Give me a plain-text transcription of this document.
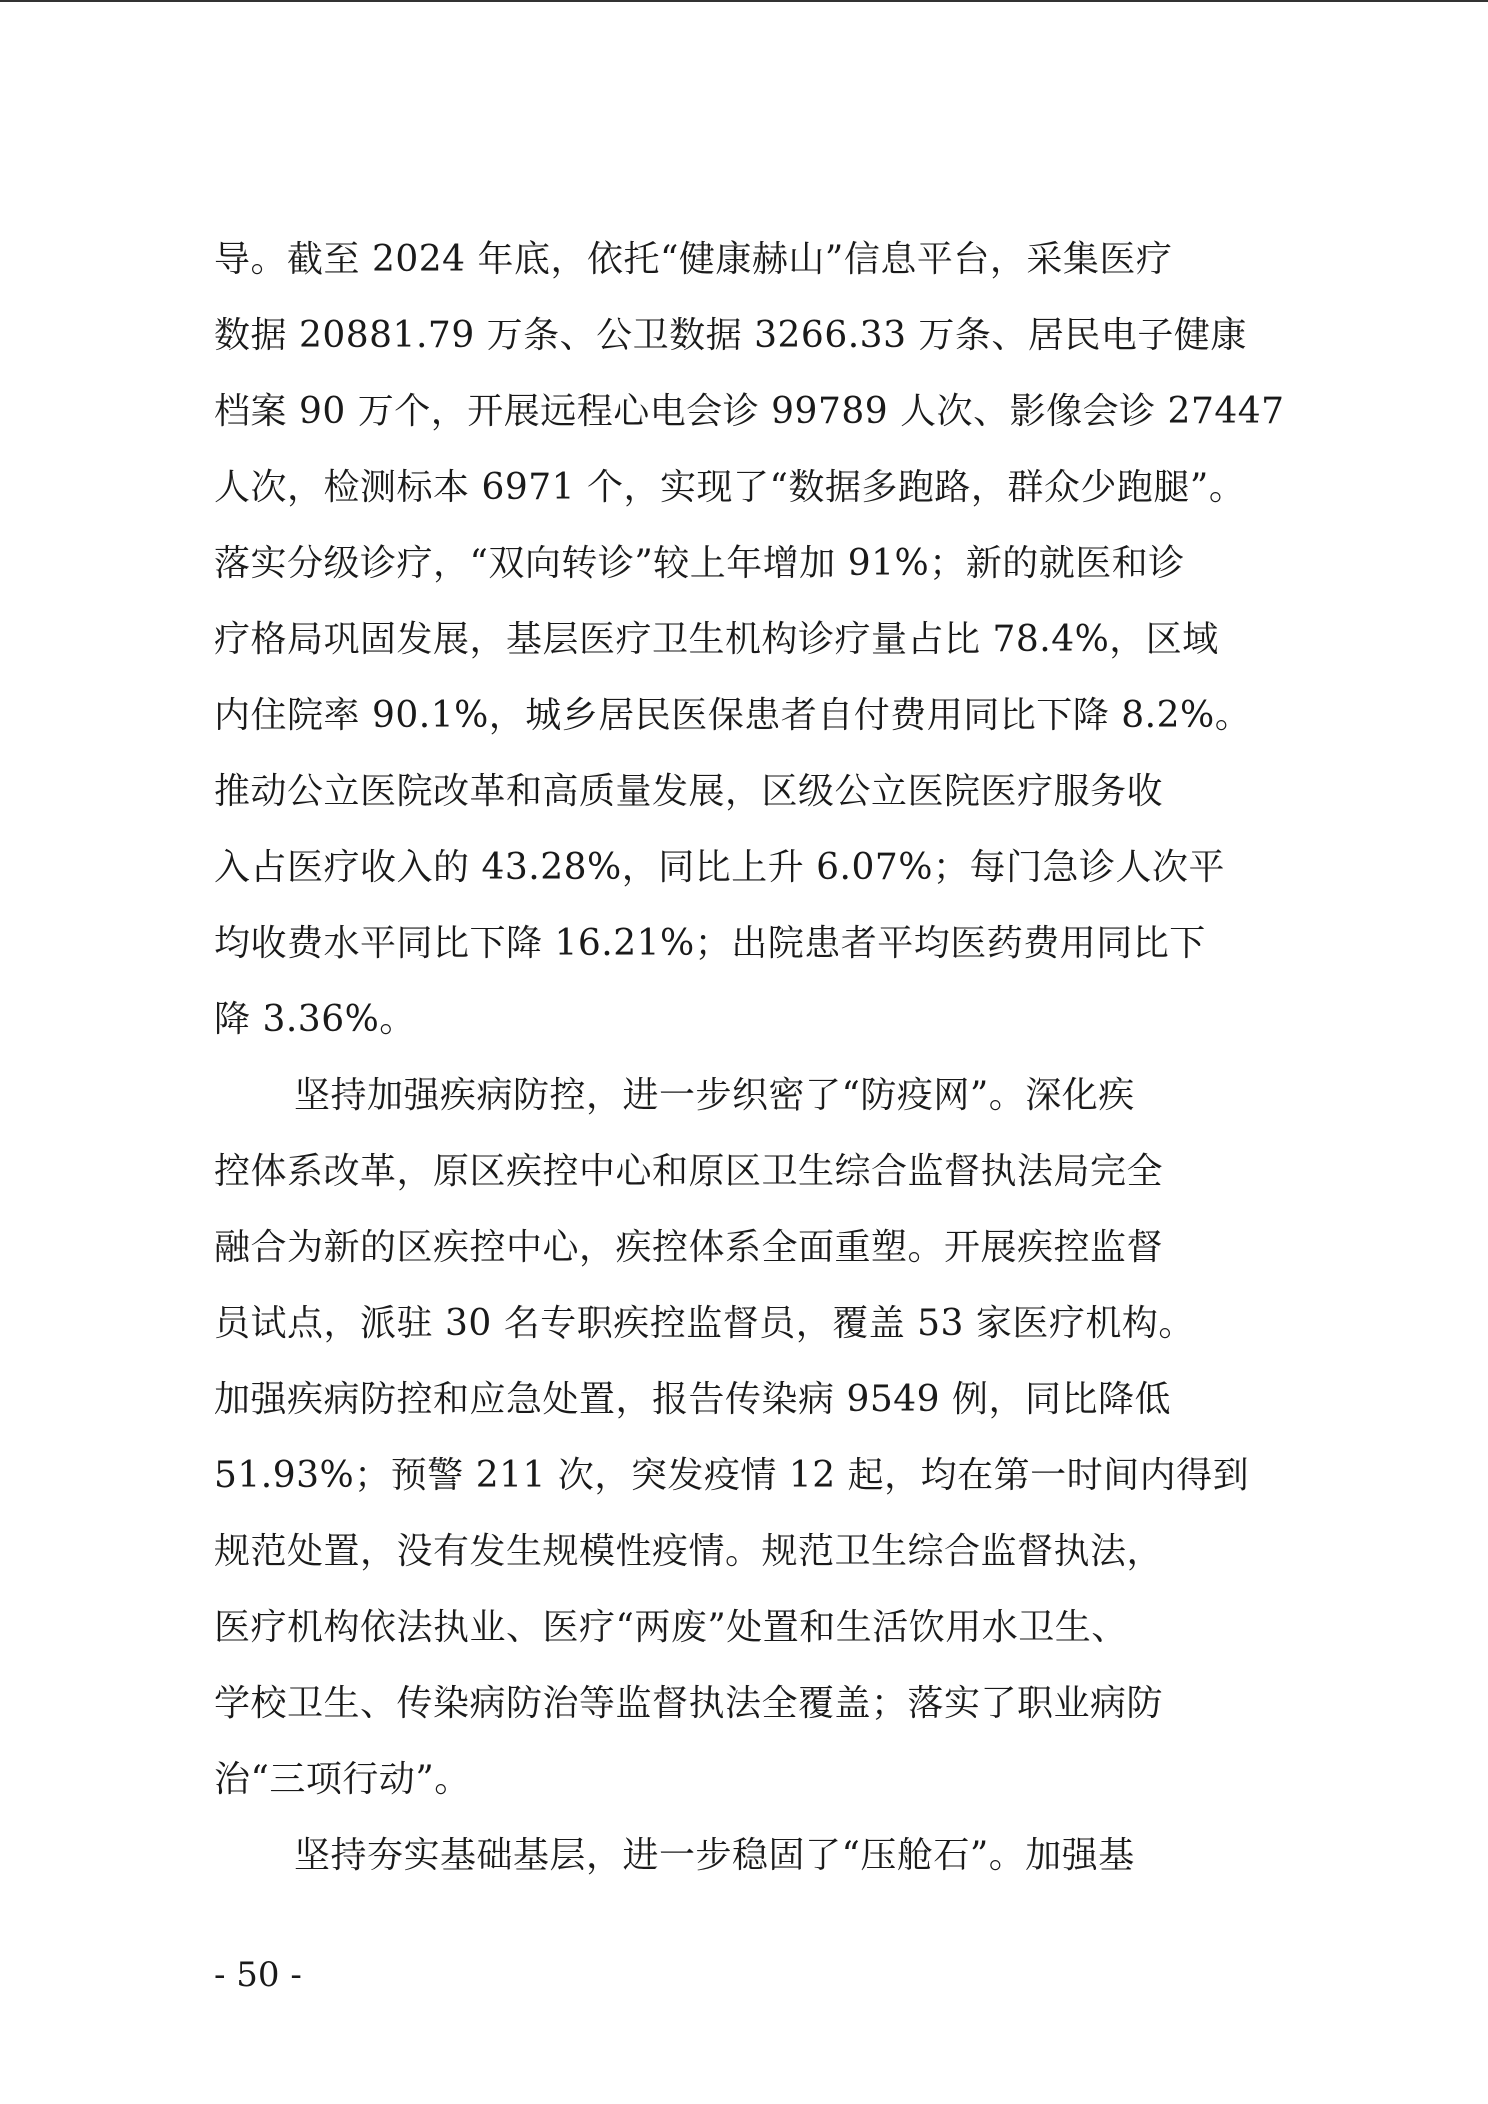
导。截至 2024 年底，依托“健康赫山”信息平台，采集医疗
数据 20881.79 万条、公卫数据 3266.33 万条、居民电子健康
档案 90 万个，开展远程心电会诊 99789 人次、影像会诊 27447
人次，检测标本 6971 个，实现了“数据多跑路，群众少跑腿”。
落实分级诊疗，“双向转诊”较上年增加 91%；新的就医和诊
疗格局巩固发展，基层医疗卫生机构诊疗量占比 78.4%，区域
内住院率 90.1%，城乡居民医保患者自付费用同比下降 8.2%。
推动公立医院改革和高质量发展，区级公立医院医疗服务收
入占医疗收入的 43.28%，同比上升 6.07%；每门急诊人次平
均收费水平同比下降 16.21%；出院患者平均医药费用同比下
降 3.36%。

坚持加强疾病防控，进一步织密了“防疫网”。深化疾
控体系改革，原区疾控中心和原区卫生综合监督执法局完全
融合为新的区疾控中心，疾控体系全面重塑。开展疾控监督
员试点，派驻 30 名专职疾控监督员，覆盖 53 家医疗机构。
加强疾病防控和应急处置，报告传染病 9549 例，同比降低
51.93%；预警 211 次，突发疫情 12 起，均在第一时间内得到
规范处置，没有发生规模性疫情。规范卫生综合监督执法，
医疗机构依法执业、医疗“两废”处置和生活饮用水卫生、
学校卫生、传染病防治等监督执法全覆盖；落实了职业病防
治“三项行动”。

坚持夯实基础基层，进一步稳固了“压舱石”。加强基

- 50 -
